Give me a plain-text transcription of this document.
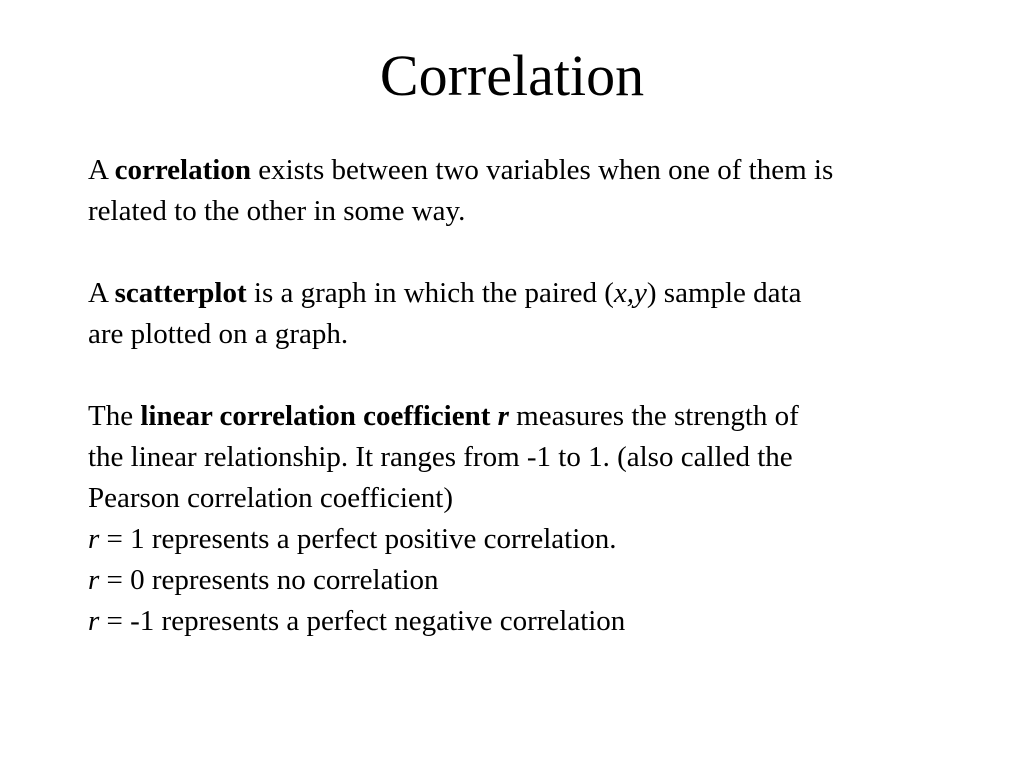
Correlation
A correlation exists between two variables when one of them is
related to the other in some way.
A scatterplot is a graph in which the paired (x,y) sample data
are plotted on a graph.
The linear correlation coefficient r measures the strength of
the linear relationship. It ranges from -1 to 1. (also called the
Pearson correlation coefficient)
r = 1 represents a perfect positive correlation.
r = 0 represents no correlation
r = -1 represents a perfect negative correlation
